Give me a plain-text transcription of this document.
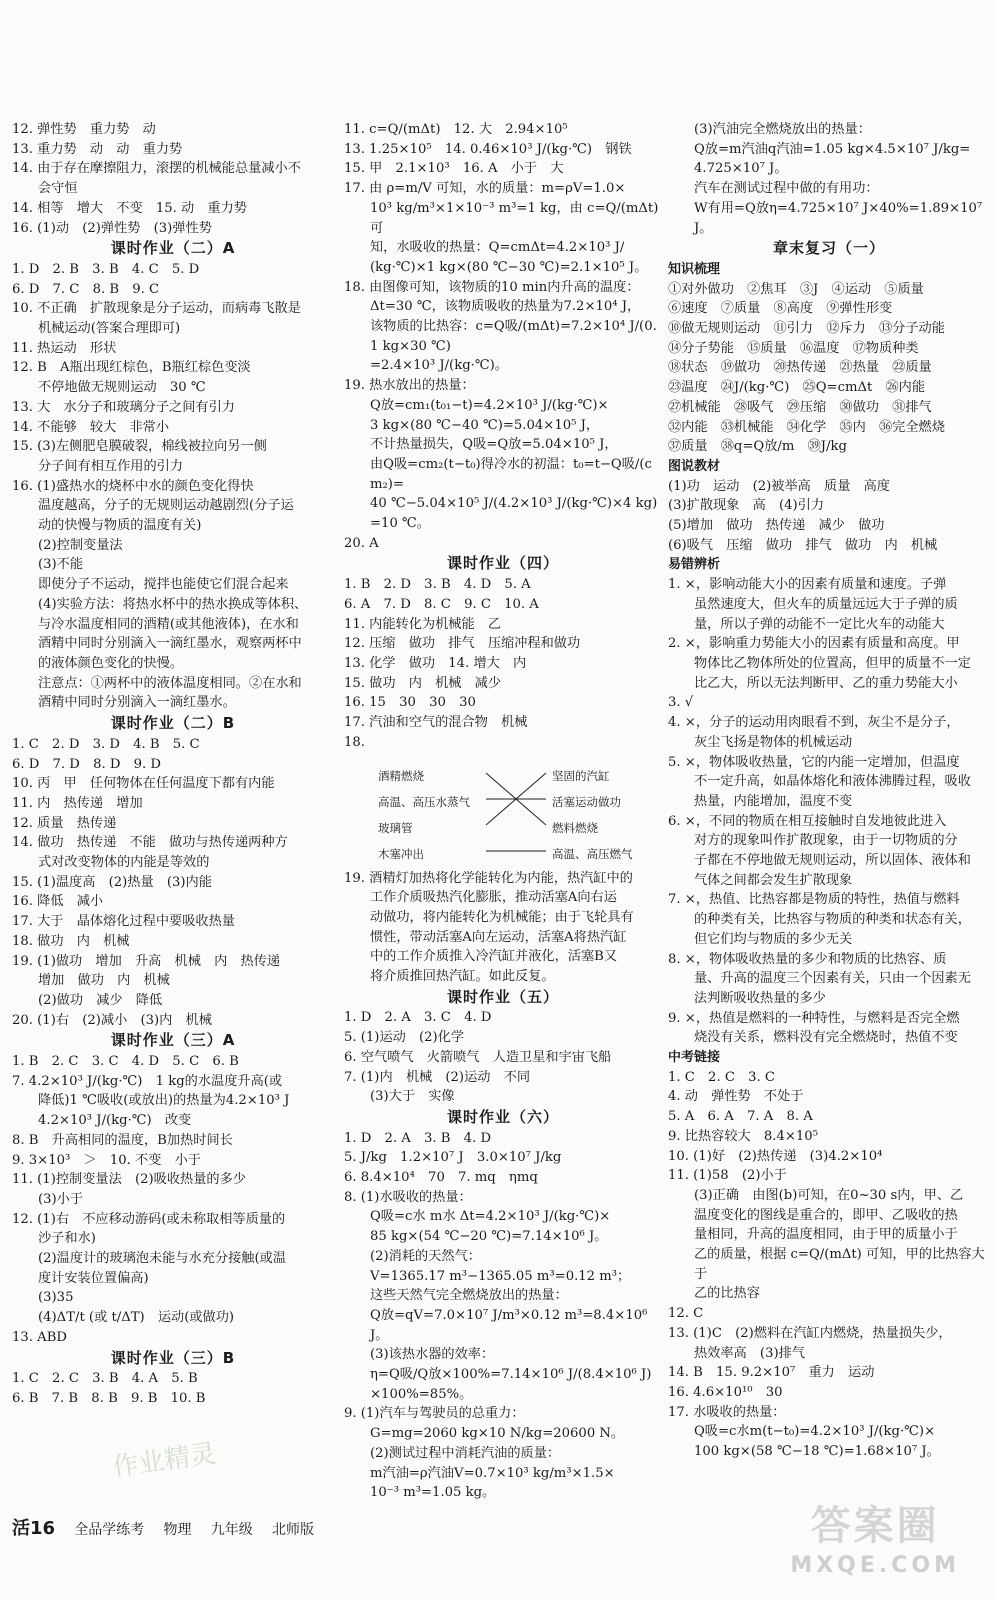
12. 弹性势　重力势　动
13. 重力势　动　动　重力势
14. 由于存在摩擦阻力，滚摆的机械能总量减小不
会守恒
14. 相等　增大　不变　15. 动　重力势
16. (1)动　(2)弹性势　(3)弹性势
课时作业（二）A
1. D　2. B　3. B　4. C　5. D
6. D　7. C　8. B　9. C
10. 不正确　扩散现象是分子运动，而病毒飞散是
机械运动(答案合理即可)
11. 热运动　形状
12. B　A瓶出现红棕色，B瓶红棕色变淡
不停地做无规则运动　30 ℃
13. 大　水分子和玻璃分子之间有引力
14. 不能够　较大　非常小
15. (3)左侧肥皂膜破裂，棉线被拉向另一侧
分子间有相互作用的引力
16. (1)盛热水的烧杯中水的颜色变化得快
温度越高，分子的无规则运动越剧烈(分子运
动的快慢与物质的温度有关)
(2)控制变量法
(3)不能
即使分子不运动，搅拌也能使它们混合起来
(4)实验方法：将热水杯中的热水换成等体积、
与冷水温度相同的酒精(或其他液体)，在水和
酒精中同时分别滴入一滴红墨水，观察两杯中
的液体颜色变化的快慢。
注意点：①两杯中的液体温度相同。②在水和
酒精中同时分别滴入一滴红墨水。
课时作业（二）B
1. C　2. D　3. D　4. B　5. C
6. D　7. D　8. D　9. D
10. 丙　甲　任何物体在任何温度下都有内能
11. 内　热传递　增加
12. 质量　热传递
14. 做功　热传递　不能　做功与热传递两种方
式对改变物体的内能是等效的
15. (1)温度高　(2)热量　(3)内能
16. 降低　减小
17. 大于　晶体熔化过程中要吸收热量
18. 做功　内　机械
19. (1)做功　增加　升高　机械　内　热传递
增加　做功　内　机械
(2)做功　减少　降低
20. (1)右　(2)减小　(3)内　机械
课时作业（三）A
1. B　2. C　3. C　4. D　5. C　6. B
7. 4.2×10³ J/(kg·℃)　1 kg的水温度升高(或
降低)1 ℃吸收(或放出)的热量为4.2×10³ J
4.2×10³ J/(kg·℃)　改变
8. B　升高相同的温度，B加热时间长
9. 3×10³　＞　10. 不变　小于
11. (1)控制变量法　(2)吸收热量的多少
(3)小于
12. (1)右　不应移动游码(或未称取相等质量的
沙子和水)
(2)温度计的玻璃泡未能与水充分接触(或温
度计安装位置偏高)
(3)35
(4)ΔT/t (或 t/ΔT)　运动(或做功)
13. ABD
课时作业（三）B
1. C　2. C　3. B　4. A　5. B
6. B　7. B　8. B　9. B　10. B
11. c=Q/(mΔt)　12. 大　2.94×10⁵
13. 1.25×10⁵　14. 0.46×10³ J/(kg·℃)　钢铁
15. 甲　2.1×10³　16. A　小于　大
17. 由 ρ=m/V 可知，水的质量：m=ρV=1.0×
10³ kg/m³×1×10⁻³ m³=1 kg，由 c=Q/(mΔt) 可
知，水吸收的热量：Q=cmΔt=4.2×10³ J/
(kg·℃)×1 kg×(80 ℃−30 ℃)=2.1×10⁵ J。
18. 由图像可知，该物质的10 min内升高的温度：
Δt=30 ℃，该物质吸收的热量为7.2×10⁴ J，
该物质的比热容：c=Q吸/(mΔt)=7.2×10⁴ J/(0.1 kg×30 ℃)
=2.4×10³ J/(kg·℃)。
19. 热水放出的热量：
Q放=cm₁(t₀₁−t)=4.2×10³ J/(kg·℃)×
3 kg×(80 ℃−40 ℃)=5.04×10⁵ J，
不计热量损失，Q吸=Q放=5.04×10⁵ J，
由Q吸=cm₂(t−t₀)得冷水的初温：t₀=t−Q吸/(cm₂)=
40 ℃−5.04×10⁵ J/(4.2×10³ J/(kg·℃)×4 kg)=10 ℃。
20. A
课时作业（四）
1. B　2. D　3. B　4. D　5. A
6. A　7. D　8. C　9. C　10. A
11. 内能转化为机械能　乙
12. 压缩　做功　排气　压缩冲程和做功
13. 化学　做功　14. 增大　内
15. 做功　内　机械　减少
16. 15　30　30　30
17. 汽油和空气的混合物　机械
18.
酒精燃烧
高温、高压水蒸气
玻璃管
木塞冲出
坚固的汽缸
活塞运动做功
燃料燃烧
高温、高压燃气
19. 酒精灯加热将化学能转化为内能，热汽缸中的
工作介质吸热汽化膨胀，推动活塞A向右运
动做功，将内能转化为机械能；由于飞轮具有
惯性，带动活塞A向左运动，活塞A将热汽缸
中的工作介质推入冷汽缸并液化，活塞B又
将介质推回热汽缸。如此反复。
课时作业（五）
1. D　2. A　3. C　4. D
5. (1)运动　(2)化学
6. 空气喷气　火箭喷气　人造卫星和宇宙飞船
7. (1)内　机械　(2)运动　不同
(3)大于　实像
课时作业（六）
1. D　2. A　3. B　4. D
5. J/kg　1.2×10⁷ J　3.0×10⁷ J/kg
6. 8.4×10⁴　70　7. mq　ηmq
8. (1)水吸收的热量：
Q吸=c水 m水 Δt=4.2×10³ J/(kg·℃)×
85 kg×(54 ℃−20 ℃)=7.14×10⁶ J。
(2)消耗的天然气：
V=1365.17 m³−1365.05 m³=0.12 m³；
这些天然气完全燃烧放出的热量：
Q放=qV=7.0×10⁷ J/m³×0.12 m³=8.4×10⁶ J。
(3)该热水器的效率：
η=Q吸/Q放×100%=7.14×10⁶ J/(8.4×10⁶ J)×100%=85%。
9. (1)汽车与驾驶员的总重力：
G=mg=2060 kg×10 N/kg=20600 N。
(2)测试过程中消耗汽油的质量：
m汽油=ρ汽油V=0.7×10³ kg/m³×1.5×
10⁻³ m³=1.05 kg。
(3)汽油完全燃烧放出的热量：
Q放=m汽油q汽油=1.05 kg×4.5×10⁷ J/kg=
4.725×10⁷ J。
汽车在测试过程中做的有用功：
W有用=Q放η=4.725×10⁷ J×40%=1.89×10⁷ J。
章末复习（一）
知识梳理
①对外做功　②焦耳　③J　④运动　⑤质量
⑥速度　⑦质量　⑧高度　⑨弹性形变
⑩做无规则运动　⑪引力　⑫斥力　⑬分子动能
⑭分子势能　⑮质量　⑯温度　⑰物质种类
⑱状态　⑲做功　⑳热传递　㉑热量　㉒质量
㉓温度　㉔J/(kg·℃)　㉕Q=cmΔt　㉖内能
㉗机械能　㉘吸气　㉙压缩　㉚做功　㉛排气
㉜内能　㉝机械能　㉞化学　㉟内　㊱完全燃烧
㊲质量　㊳q=Q放/m　㊴J/kg
图说教材
(1)功　运动　(2)被举高　质量　高度
(3)扩散现象　高　(4)引力
(5)增加　做功　热传递　减少　做功
(6)吸气　压缩　做功　排气　做功　内　机械
易错辨析
1. ×，影响动能大小的因素有质量和速度。子弹
虽然速度大，但火车的质量远远大于子弹的质
量，所以子弹的动能不一定比火车的动能大
2. ×，影响重力势能大小的因素有质量和高度。甲
物体比乙物体所处的位置高，但甲的质量不一定
比乙大，所以无法判断甲、乙的重力势能大小
3. √
4. ×，分子的运动用肉眼看不到，灰尘不是分子，
灰尘飞扬是物体的机械运动
5. ×，物体吸收热量，它的内能一定增加，但温度
不一定升高，如晶体熔化和液体沸腾过程，吸收
热量，内能增加，温度不变
6. ×，不同的物质在相互接触时自发地彼此进入
对方的现象叫作扩散现象，由于一切物质的分
子都在不停地做无规则运动，所以固体、液体和
气体之间都会发生扩散现象
7. ×，热值、比热容都是物质的特性，热值与燃料
的种类有关，比热容与物质的种类和状态有关，
但它们均与物质的多少无关
8. ×，物体吸收热量的多少和物质的比热容、质
量、升高的温度三个因素有关，只由一个因素无
法判断吸收热量的多少
9. ×，热值是燃料的一种特性，与燃料是否完全燃
烧没有关系，燃料没有完全燃烧时，热值不变
中考链接
1. C　2. C　3. C
4. 动　弹性势　不处于
5. A　6. A　7. A　8. A
9. 比热容较大　8.4×10⁵
10. (1)好　(2)热传递　(3)4.2×10⁴
11. (1)58　(2)小于
(3)正确　由图(b)可知，在0~30 s内，甲、乙
温度变化的图线是重合的，即甲、乙吸收的热
量相同，升高的温度相同，由于甲的质量小于
乙的质量，根据 c=Q/(mΔt) 可知，甲的比热容大于
乙的比热容
12. C
13. (1)C　(2)燃料在汽缸内燃烧，热量损失少，
热效率高　(3)排气
14. B　15. 9.2×10⁷　重力　运动
16. 4.6×10¹⁰　30
17. 水吸收的热量：
Q吸=c水m(t−t₀)=4.2×10³ J/(kg·℃)×
100 kg×(58 ℃−18 ℃)=1.68×10⁷ J。
活16 全品学练考 物理 九年级 北师版
作业精灵
答案圈
MXQE.COM
